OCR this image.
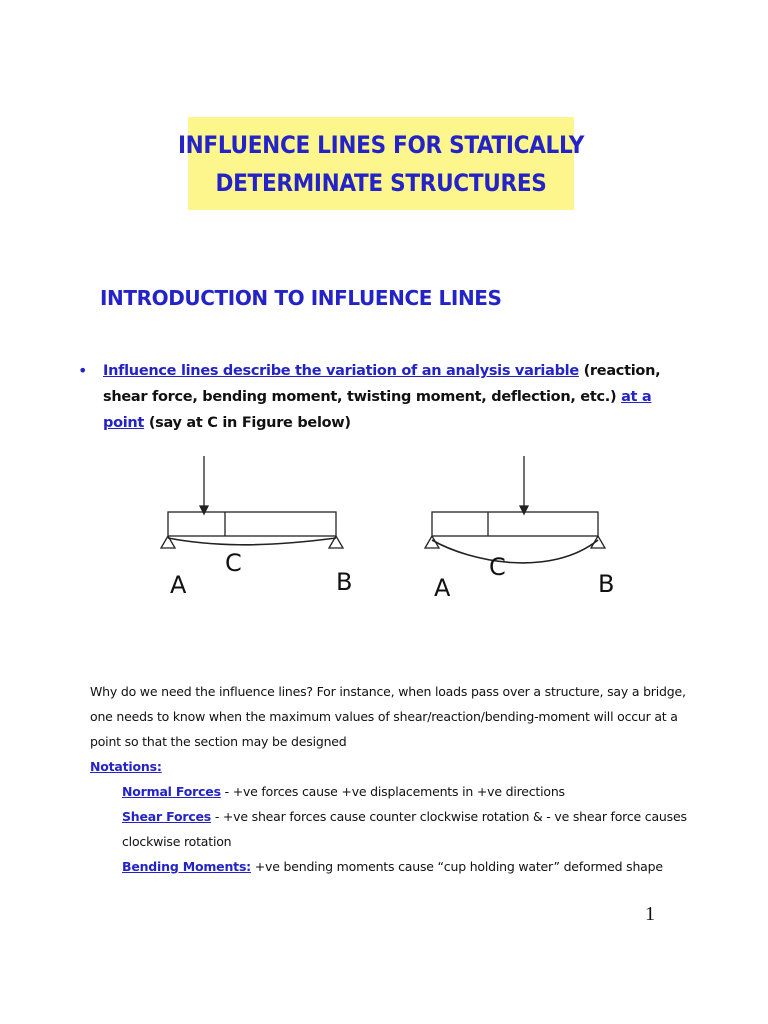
INFLUENCE LINES FOR STATICALLY
DETERMINATE STRUCTURES
INTRODUCTION TO INFLUENCE LINES
• Influence lines describe the variation of an analysis variable (reaction, shear force, bending moment, twisting moment, deflection, etc.) at a point (say at C in Figure below)
A
C
B	A
C
B
Why do we need the influence lines? For instance, when loads pass over a structure, say a bridge, one needs to know when the maximum values of shear/reaction/bending-moment will occur at a point so that the section may be designed
Notations:
Normal Forces - +ve forces cause +ve displacements in +ve directions
Shear Forces - +ve shear forces cause counter clockwise rotation & - ve shear force causes clockwise rotation
Bending Moments: +ve bending moments cause “cup holding water” deformed shape
1
